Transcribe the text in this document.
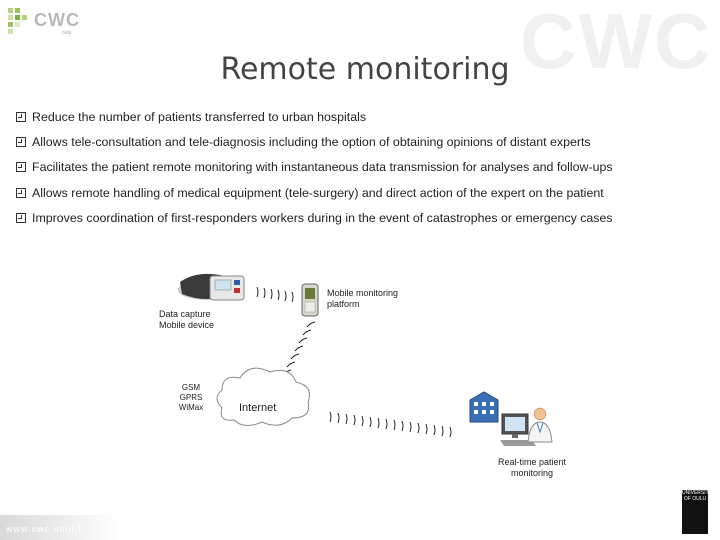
CWC
CWC
oulu
Remote monitoring
Reduce the number of patients transferred to urban hospitals
Allows tele-consultation and tele-diagnosis including the option of obtaining opinions of distant experts
Facilitates the patient remote monitoring with instantaneous data transmission for analyses and follow-ups
Allows remote handling of medical equipment (tele-surgery) and direct action of the expert on the patient
Improves coordination of first-responders workers during in the event of catastrophes or emergency cases
Data capture
Mobile device
Mobile monitoring
platform
GSM
GPRS
WiMax	Internet
Real-time patient
monitoring
www.cwc.oulu.fi
UNIVERSITY OF OULU
